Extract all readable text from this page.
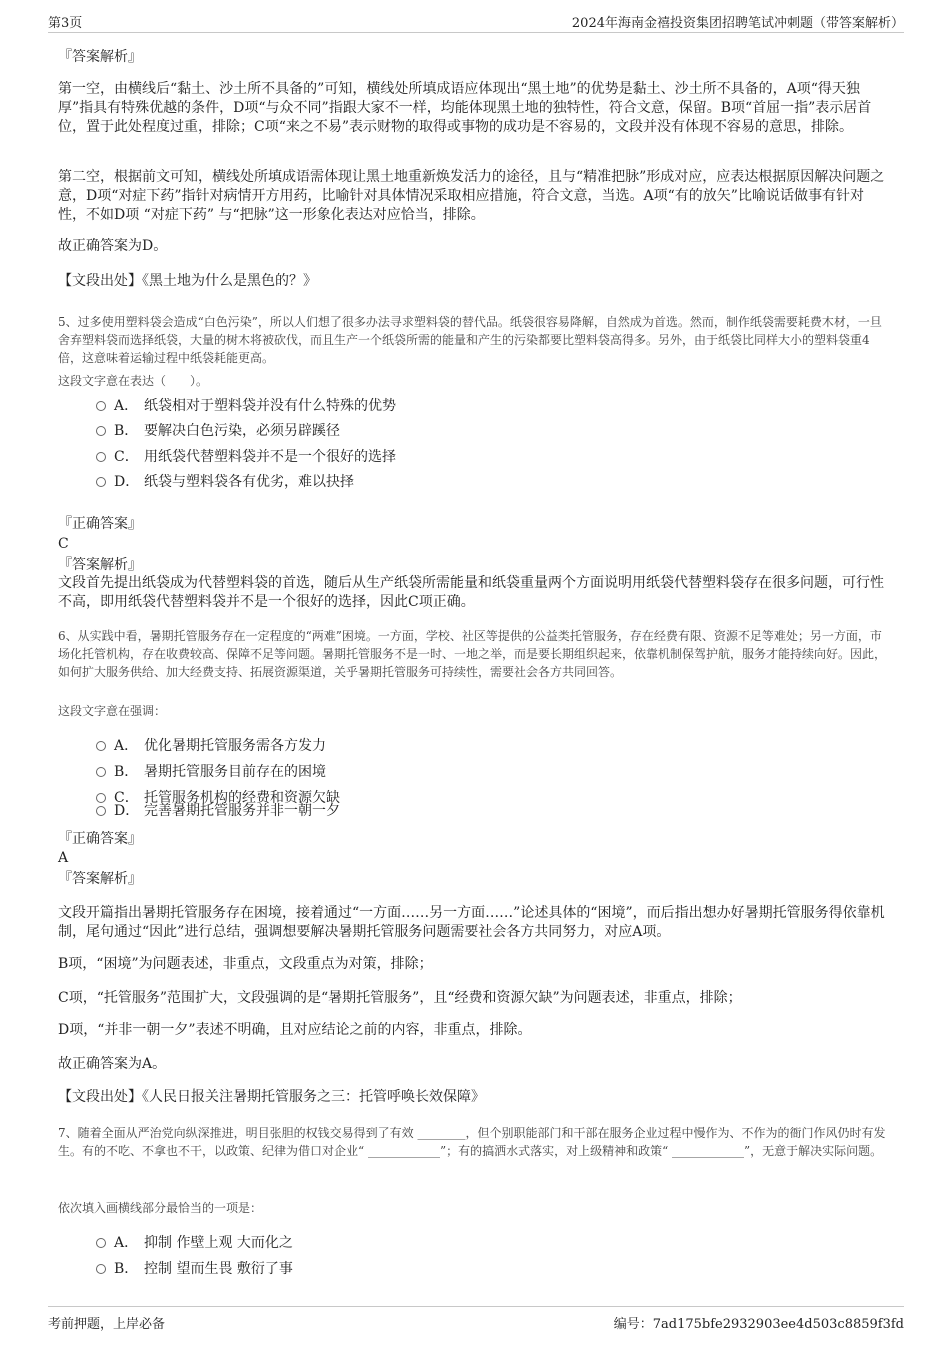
第3页	2024年海南金禧投资集团招聘笔试冲刺题（带答案解析）
『答案解析』
第一空，由横线后“黏土、沙土所不具备的”可知，横线处所填成语应体现出“黑土地”的优势是黏土、沙土所不具备的，A项“得天独厚”指具有特殊优越的条件，D项“与众不同”指跟大家不一样，均能体现黑土地的独特性，符合文意，保留。B项“首屈一指”表示居首位，置于此处程度过重，排除；C项“来之不易”表示财物的取得或事物的成功是不容易的，文段并没有体现不容易的意思，排除。
第二空，根据前文可知，横线处所填成语需体现让黑土地重新焕发活力的途径，且与“精准把脉”形成对应，应表达根据原因解决问题之意，D项“对症下药”指针对病情开方用药，比喻针对具体情况采取相应措施，符合文意，当选。A项“有的放矢”比喻说话做事有针对性，不如D项 “对症下药” 与“把脉”这一形象化表达对应恰当，排除。
故正确答案为D。
【文段出处】《黑土地为什么是黑色的？》
5、过多使用塑料袋会造成“白色污染”，所以人们想了很多办法寻求塑料袋的替代品。纸袋很容易降解，自然成为首选。然而，制作纸袋需要耗费木材，一旦舍弃塑料袋而选择纸袋，大量的树木将被砍伐，而且生产一个纸袋所需的能量和产生的污染都要比塑料袋高得多。另外，由于纸袋比同样大小的塑料袋重4倍，这意味着运输过程中纸袋耗能更高。
这段文字意在表达（　　）。
A． 纸袋相对于塑料袋并没有什么特殊的优势
B． 要解决白色污染，必须另辟蹊径
C． 用纸袋代替塑料袋并不是一个很好的选择
D． 纸袋与塑料袋各有优劣，难以抉择
『正确答案』
C
『答案解析』
文段首先提出纸袋成为代替塑料袋的首选，随后从生产纸袋所需能量和纸袋重量两个方面说明用纸袋代替塑料袋存在很多问题，可行性不高，即用纸袋代替塑料袋并不是一个很好的选择，因此C项正确。
6、从实践中看，暑期托管服务存在一定程度的“两难”困境。一方面，学校、社区等提供的公益类托管服务，存在经费有限、资源不足等难处；另一方面，市场化托管机构，存在收费较高、保障不足等问题。暑期托管服务不是一时、一地之举，而是要长期组织起来，依靠机制保驾护航，服务才能持续向好。因此，如何扩大服务供给、加大经费支持、拓展资源渠道，关乎暑期托管服务可持续性，需要社会各方共同回答。
这段文字意在强调：
A． 优化暑期托管服务需各方发力
B． 暑期托管服务目前存在的困境
C． 托管服务机构的经费和资源欠缺
D． 完善暑期托管服务并非一朝一夕
『正确答案』
A
『答案解析』
文段开篇指出暑期托管服务存在困境，接着通过“一方面……另一方面……”论述具体的“困境”，而后指出想办好暑期托管服务得依靠机制，尾句通过“因此”进行总结，强调想要解决暑期托管服务问题需要社会各方共同努力，对应A项。
B项，“困境”为问题表述，非重点，文段重点为对策，排除；
C项，“托管服务”范围扩大，文段强调的是“暑期托管服务”，且“经费和资源欠缺”为问题表述，非重点，排除；
D项，“并非一朝一夕”表述不明确，且对应结论之前的内容，非重点，排除。
故正确答案为A。
【文段出处】《人民日报关注暑期托管服务之三：托管呼唤长效保障》
7、随着全面从严治党向纵深推进，明目张胆的权钱交易得到了有效 ________，但个别职能部门和干部在服务企业过程中慢作为、不作为的衙门作风仍时有发生。有的不吃、不拿也不干，以政策、纪律为借口对企业“ ____________”；有的搞洒水式落实，对上级精神和政策“ ____________”，无意于解决实际问题。
依次填入画横线部分最恰当的一项是：
A． 抑制 作壁上观 大而化之
B． 控制 望而生畏 敷衍了事
考前押题，上岸必备	编号：7ad175bfe2932903ee4d503c8859f3fd
